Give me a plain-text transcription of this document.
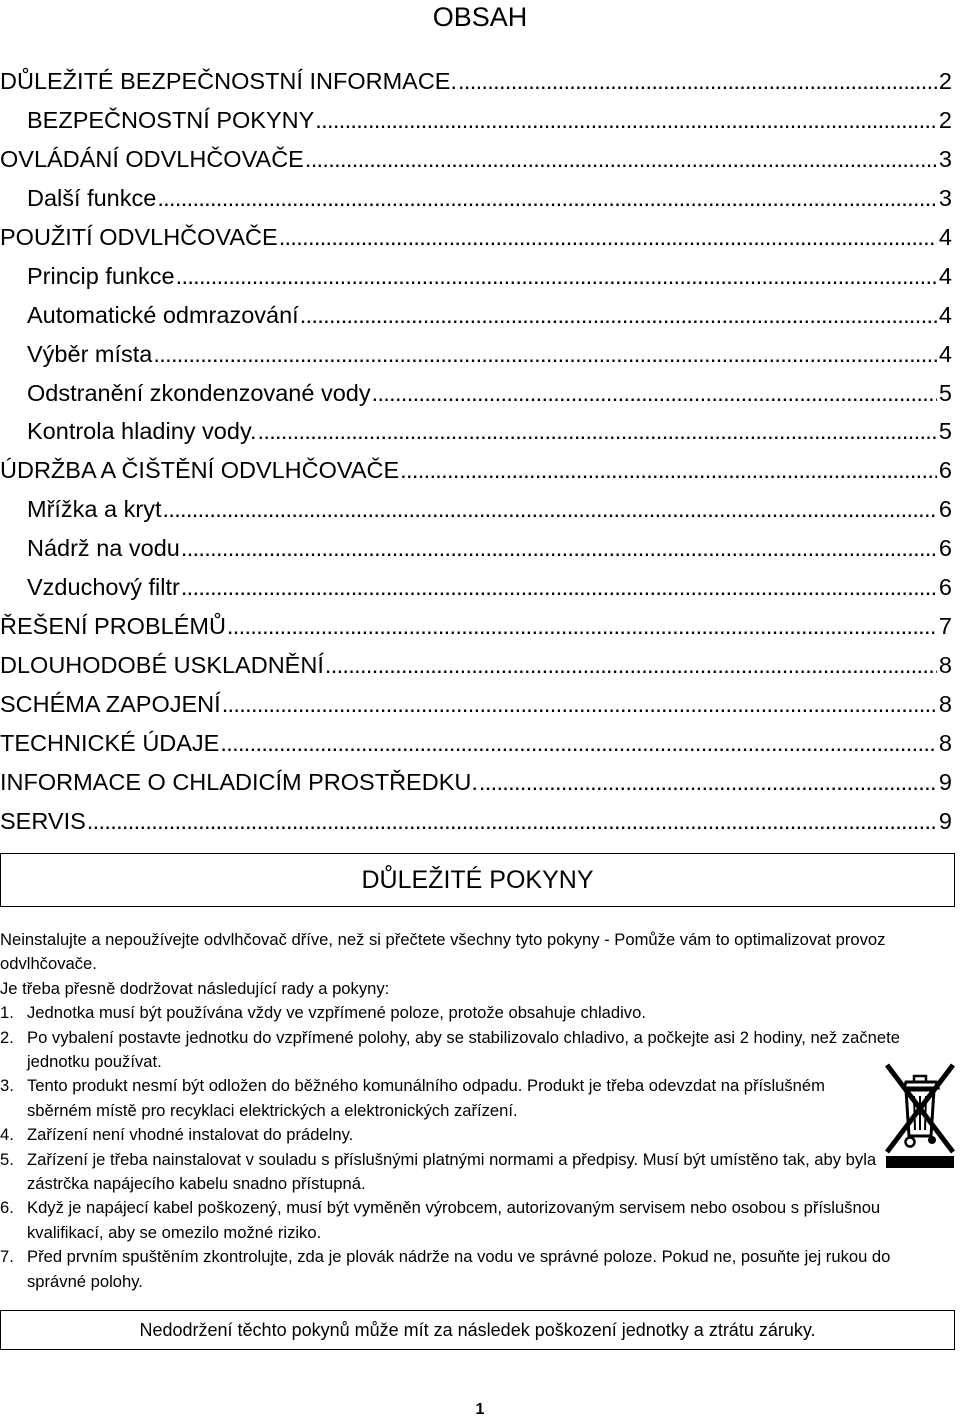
OBSAH
DŮLEŽITÉ BEZPEČNOSTNÍ INFORMACE. . . .	2
BEZPEČNOSTNÍ POKYNY . . .	2
OVLÁDÁNÍ ODVLHČOVAČE . . .	3
Další funkce . . .	3
POUŽITÍ ODVLHČOVAČE . . .	4
Princip funkce . . .	4
Automatické odmrazování . . .	4
Výběr místa . . .	4
Odstranění zkondenzované vody . . .	5
Kontrola hladiny vody. . . .	5
ÚDRŽBA A ČIŠTĚNÍ ODVLHČOVAČE . . .	6
Mřížka a kryt . . .	6
Nádrž na vodu . . .	6
Vzduchový filtr . . .	6
ŘEŠENÍ PROBLÉMŮ . . .	7
DLOUHODOBÉ USKLADNĚNÍ . . .	8
SCHÉMA ZAPOJENÍ . . .	8
TECHNICKÉ ÚDAJE . . .	8
INFORMACE O CHLADICÍM PROSTŘEDKU. . . .	9
SERVIS . . .	9
DŮLEŽITÉ POKYNY

Neinstalujte a nepoužívejte odvlhčovač dříve, než si přečtete všechny tyto pokyny - Pomůže vám to optimalizovat provoz odvlhčovače.

Je třeba přesně dodržovat následující rady a pokyny:

1. Jednotka musí být používána vždy ve vzpřímené poloze, protože obsahuje chladivo.
2. Po vybalení postavte jednotku do vzpřímené polohy, aby se stabilizovalo chladivo, a počkejte asi 2 hodiny, než začnete jednotku používat.
3. Tento produkt nesmí být odložen do běžného komunálního odpadu. Produkt je třeba odevzdat na příslušném sběrném místě pro recyklaci elektrických a elektronických zařízení.
4. Zařízení není vhodné instalovat do prádelny.
5. Zařízení je třeba nainstalovat v souladu s příslušnými platnými normami a předpisy. Musí být umístěno tak, aby byla zástrčka napájecího kabelu snadno přístupná.
6. Když je napájecí kabel poškozený, musí být vyměněn výrobcem, autorizovaným servisem nebo osobou s příslušnou kvalifikací, aby se omezilo možné riziko.
7. Před prvním spuštěním zkontrolujte, zda je plovák nádrže na vodu ve správné poloze. Pokud ne, posuňte jej rukou do správné polohy.
Nedodržení těchto pokynů může mít za následek poškození jednotky a ztrátu záruky.
1
